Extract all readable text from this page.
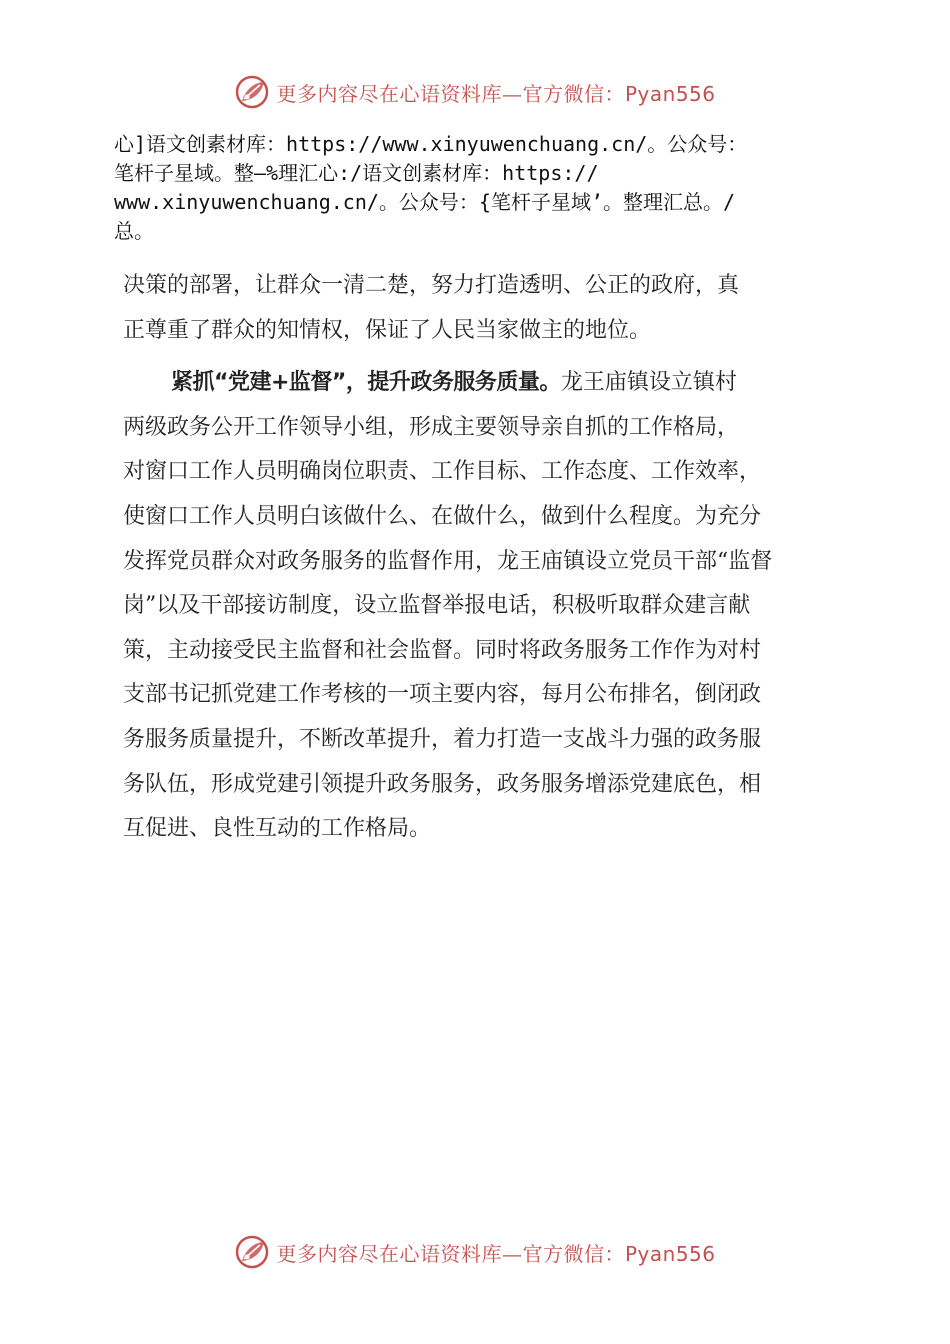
更多内容尽在心语资料库—官方微信：Pyan556

心]语文创素材库：https://www.xinyuwenchuang.cn/。公众号：

笔杆子星域。整—%理汇心:/语文创素材库：https://

www.xinyuwenchuang.cn/。公众号：{笔杆子星域’。整理汇总。/

总。

决策的部署，让群众一清二楚，努力打造透明、公正的政府，真

正尊重了群众的知情权，保证了人民当家做主的地位。

紧抓“党建+监督”，提升政务服务质量。龙王庙镇设立镇村

两级政务公开工作领导小组，形成主要领导亲自抓的工作格局，

对窗口工作人员明确岗位职责、工作目标、工作态度、工作效率，

使窗口工作人员明白该做什么、在做什么，做到什么程度。为充分

发挥党员群众对政务服务的监督作用，龙王庙镇设立党员干部“监督

岗”以及干部接访制度，设立监督举报电话，积极听取群众建言献

策，主动接受民主监督和社会监督。同时将政务服务工作作为对村

支部书记抓党建工作考核的一项主要内容，每月公布排名，倒闭政

务服务质量提升，不断改革提升，着力打造一支战斗力强的政务服

务队伍，形成党建引领提升政务服务，政务服务增添党建底色，相

互促进、良性互动的工作格局。

更多内容尽在心语资料库—官方微信：Pyan556
